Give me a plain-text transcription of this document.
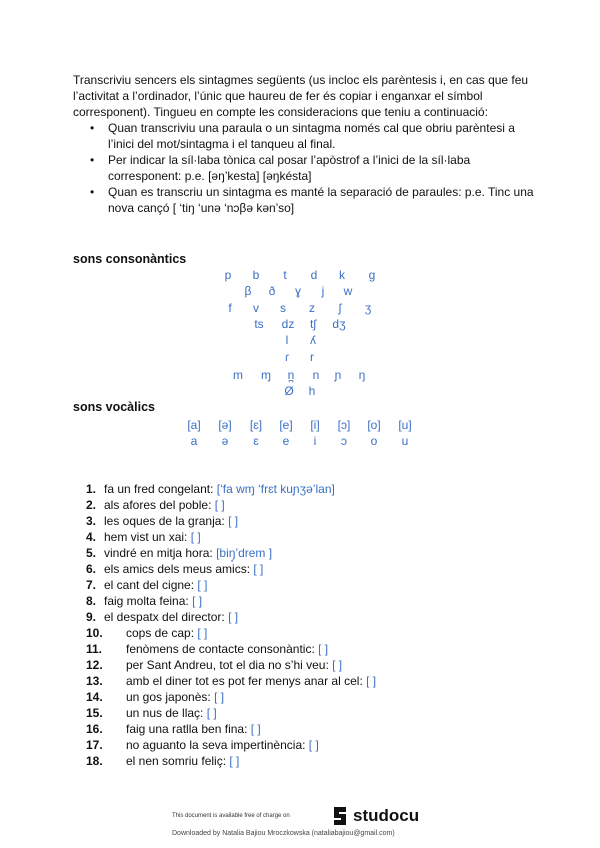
Transcriviu sencers els sintagmes següents (us incloc els parèntesis i, en cas que feu l’activitat a l’ordinador, l’únic que haureu de fer és copiar i enganxar el símbol corresponent). Tingueu en compte les consideracions que teniu a continuació:

• Quan transcriviu una paraula o un sintagma només cal que obriu parèntesi a l’inici del mot/sintagma i el tanqueu al final.
• Per indicar la síl·laba tònica cal posar l’apòstrof a l’inici de la síl·laba corresponent: p.e. [əŋ’kesta] [əŋkésta]
• Quan es transcriu un sintagma es manté la separació de paraules: p.e. Tinc una nova cançó [ ‘tiŋ ‘unə ‘nɔβə kən’so]
sons consonàntics
p	b	t	d	k	g
β	ð	ɣ	j	w
f	v	s	z	ʃ	ʒ
ts dz	tʃ	dʒ
l	ʎ
ɾ	r
m ɱ	n̪	n	ɲ	ŋ
Ø	h
sons vocàlics
[a]	[ə]	[ɛ]	[e]	[i]	[ɔ]	[o]	[u]
a	ə	ɛ	e	i	ɔ	o	u
1. fa un fred congelant: [‘fa wɱ ‘frɛt kuɲʒə’lan]
2. als afores del poble: [ ]
3. les oques de la granja: [ ]
4. hem vist un xai: [ ]
5. vindré en mitja hora: [biŋ̟’drem ]
6. els amics dels meus amics: [ ]
7. el cant del cigne: [ ]
8. faig molta feina: [ ]
9. el despatx del director: [ ]
10. cops de cap: [ ]
11. fenòmens de contacte consonàntic: [ ]
12. per Sant Andreu, tot el dia no s’hi veu: [ ]
13. amb el diner tot es pot fer menys anar al cel: [ ]
14. un gos japonès: [ ]
15. un nus de llaç: [ ]
16. faig una ratlla ben fina: [ ]
17. no aguanto la seva impertinència: [ ]
18. el nen somriu feliç: [ ]
This document is available free of charge on	studocu
Downloaded by Natalia Bajiou Mroczkowska (nataliabajiou@gmail.com)
